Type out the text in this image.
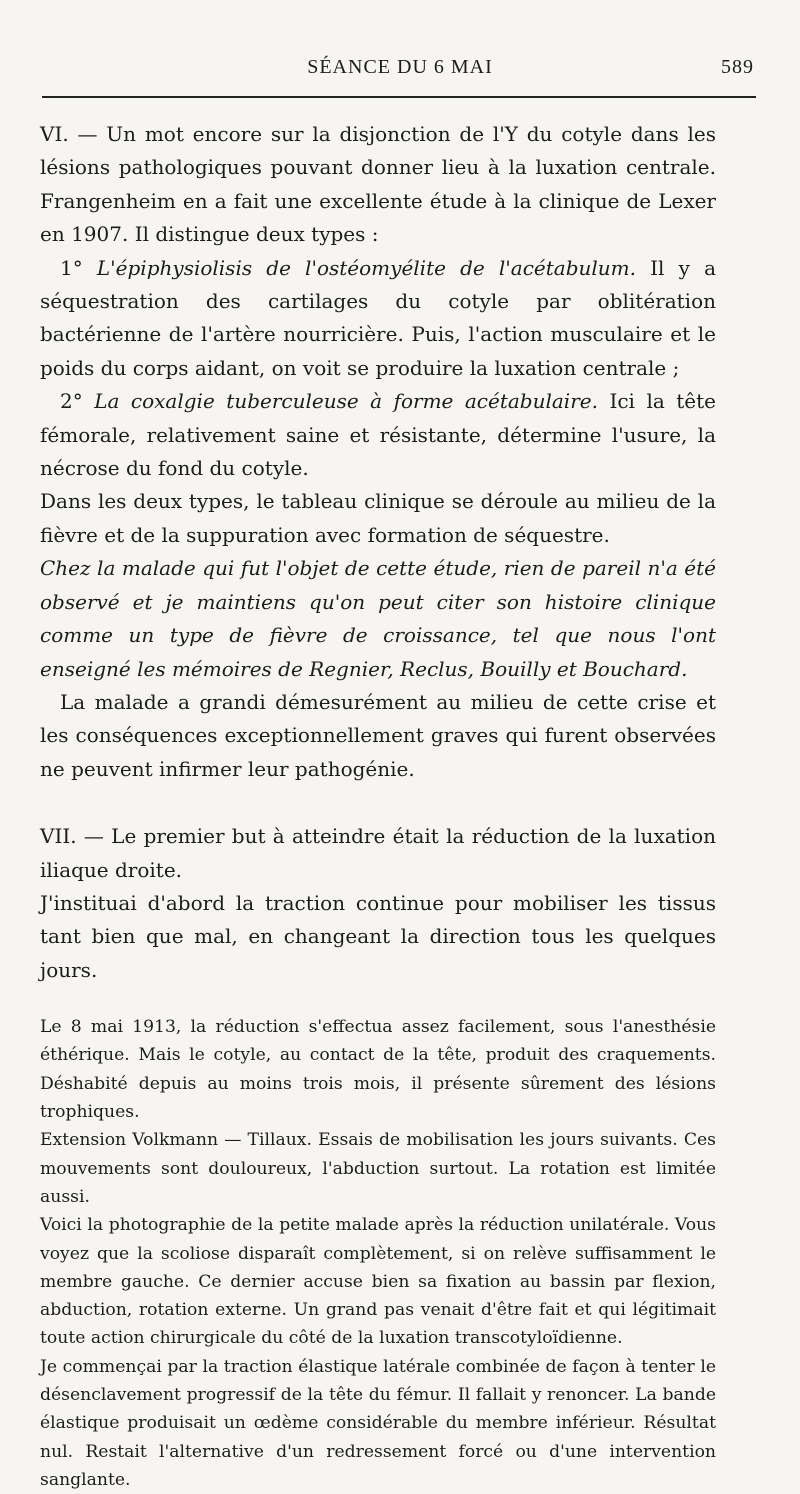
SÉANCE DU 6 MAI	589

VI. — Un mot encore sur la disjonction de l'Y du cotyle dans les lésions pathologiques pouvant donner lieu à la luxation centrale. Frangenheim en a fait une excellente étude à la clinique de Lexer en 1907. Il distingue deux types :

1° L'épiphysiolisis de l'ostéomyélite de l'acétabulum. Il y a séquestration des cartilages du cotyle par oblitération bactérienne de l'artère nourricière. Puis, l'action musculaire et le poids du corps aidant, on voit se produire la luxation centrale ;

2° La coxalgie tuberculeuse à forme acétabulaire. Ici la tête fémorale, relativement saine et résistante, détermine l'usure, la nécrose du fond du cotyle.

Dans les deux types, le tableau clinique se déroule au milieu de la fièvre et de la suppuration avec formation de séquestre.

Chez la malade qui fut l'objet de cette étude, rien de pareil n'a été observé et je maintiens qu'on peut citer son histoire clinique comme un type de fièvre de croissance, tel que nous l'ont enseigné les mémoires de Regnier, Reclus, Bouilly et Bouchard.

La malade a grandi démesurément au milieu de cette crise et les conséquences exceptionnellement graves qui furent observées ne peuvent infirmer leur pathogénie.

VII. — Le premier but à atteindre était la réduction de la luxation iliaque droite.

J'instituai d'abord la traction continue pour mobiliser les tissus tant bien que mal, en changeant la direction tous les quelques jours.

Le 8 mai 1913, la réduction s'effectua assez facilement, sous l'anesthésie éthérique. Mais le cotyle, au contact de la tête, produit des craquements. Déshabité depuis au moins trois mois, il présente sûrement des lésions trophiques.

Extension Volkmann — Tillaux. Essais de mobilisation les jours suivants. Ces mouvements sont douloureux, l'abduction surtout. La rotation est limitée aussi.

Voici la photographie de la petite malade après la réduction unilatérale. Vous voyez que la scoliose disparaît complètement, si on relève suffisamment le membre gauche. Ce dernier accuse bien sa fixation au bassin par flexion, abduction, rotation externe. Un grand pas venait d'être fait et qui légitimait toute action chirurgicale du côté de la luxation transcotyloïdienne.

Je commençai par la traction élastique latérale combinée de façon à tenter le désenclavement progressif de la tête du fémur. Il fallait y renoncer. La bande élastique produisait un œdème considérable du membre inférieur. Résultat nul. Restait l'alternative d'un redressement forcé ou d'une intervention sanglante.
